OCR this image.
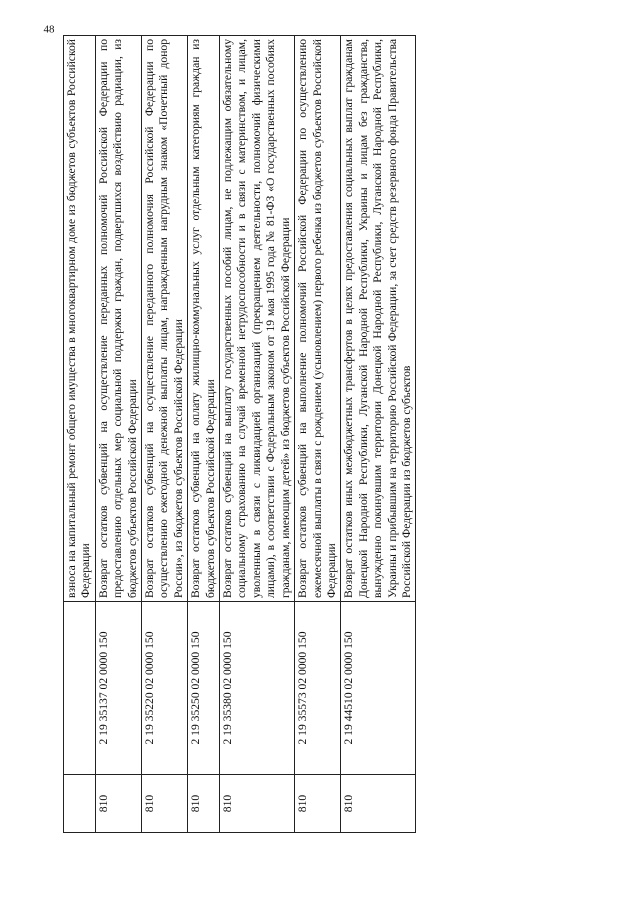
48
		взноса на капитальный ремонт общего имущества в многоквартирном доме из бюджетов субъектов Российской Федерации
810	2 19 35137 02 0000 150	Возврат остатков субвенций на осуществление переданных полномочий Российской Федерации по предоставлению отдельных мер социальной поддержки граждан, подвергшихся воздействию радиации, из бюджетов субъектов Российской Федерации
810	2 19 35220 02 0000 150	Возврат остатков субвенций на осуществление переданного полномочия Российской Федерации по осуществлению ежегодной денежной выплаты лицам, награжденным нагрудным знаком «Почетный донор России», из бюджетов субъектов Российской Федерации
810	2 19 35250 02 0000 150	Возврат остатков субвенций на оплату жилищно-коммунальных услуг отдельным категориям граждан из бюджетов субъектов Российской Федерации
810	2 19 35380 02 0000 150	Возврат остатков субвенций на выплату государственных пособий лицам, не подлежащим обязательному социальному страхованию на случай временной нетрудоспособности и в связи с материнством, и лицам, уволенным в связи с ликвидацией организаций (прекращением деятельности, полномочий физическими лицами), в соответствии с Федеральным законом от 19 мая 1995 года № 81-ФЗ «О государственных пособиях гражданам, имеющим детей» из бюджетов субъектов Российской Федерации
810	2 19 35573 02 0000 150	Возврат остатков субвенций на выполнение полномочий Российской Федерации по осуществлению ежемесячной выплаты в связи с рождением (усыновлением) первого ребенка из бюджетов субъектов Российской Федерации
810	2 19 44510 02 0000 150	Возврат остатков иных межбюджетных трансфертов в целях предоставления социальных выплат гражданам Донецкой Народной Республики, Луганской Народной Республики, Украины и лицам без гражданства, вынужденно покинувшим территории Донецкой Народной Республики, Луганской Народной Республики, Украины и прибывшим на территорию Российской Федерации, за счет средств резервного фонда Правительства Российской Федерации из бюджетов субъектов
